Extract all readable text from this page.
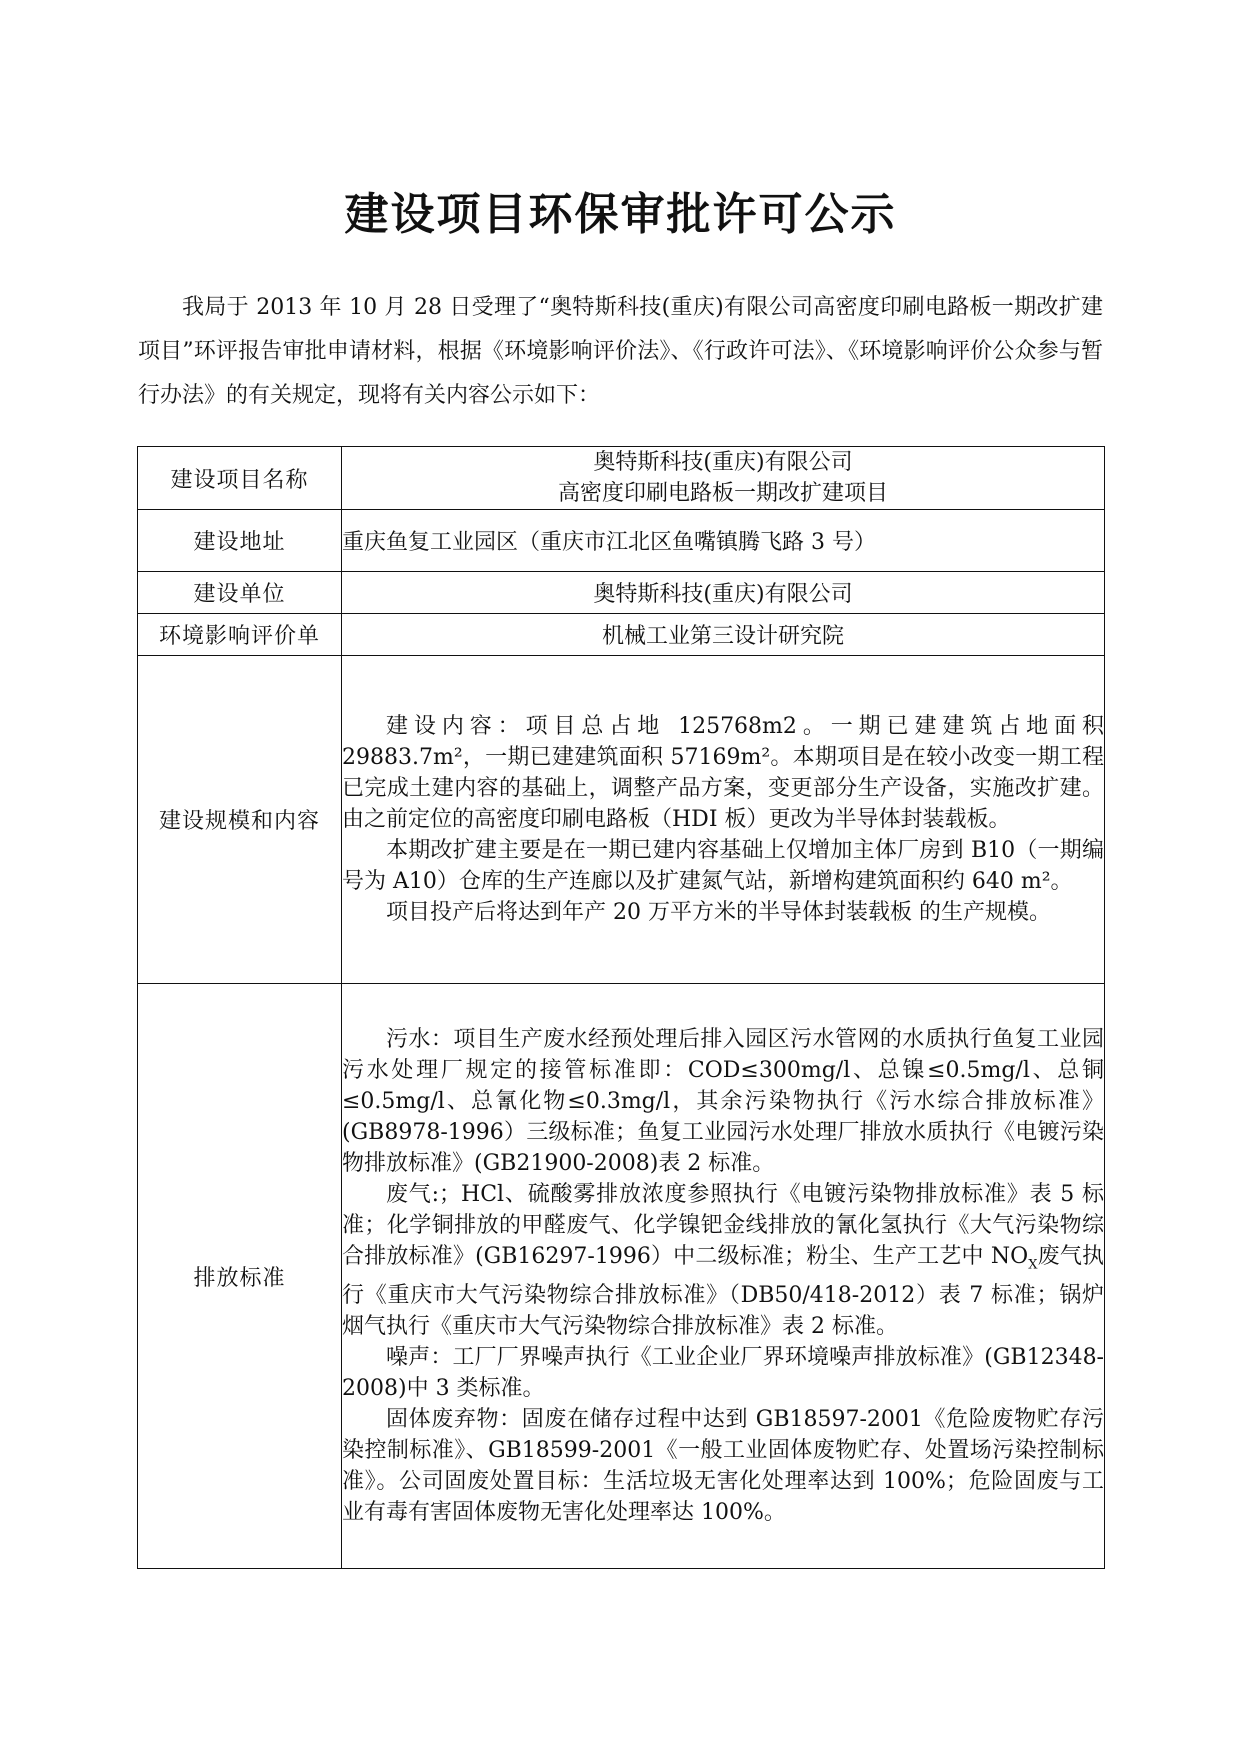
建设项目环保审批许可公示

我局于 2013 年 10 月 28 日受理了“奥特斯科技(重庆)有限公司高密度印刷电路板一期改扩建项目”环评报告审批申请材料，根据《环境影响评价法》、《行政许可法》、《环境影响评价公众参与暂行办法》的有关规定，现将有关内容公示如下：

建设项目名称	奥特斯科技(重庆)有限公司
高密度印刷电路板一期改扩建项目

建设地址	重庆鱼复工业园区（重庆市江北区鱼嘴镇腾飞路 3 号）
建设单位	奥特斯科技(重庆)有限公司
环境影响评价单	机械工业第三设计研究院
建设规模和内容	建设内容：项目总占地 125768m2。一期已建建筑占地面积 29883.7m²，一期已建建筑面积 57169m²。本期项目是在较小改变一期工程已完成土建内容的基础上，调整产品方案，变更部分生产设备，实施改扩建。由之前定位的高密度印刷电路板（HDI 板）更改为半导体封装载板。

本期改扩建主要是在一期已建内容基础上仅增加主体厂房到 B10（一期编号为 A10）仓库的生产连廊以及扩建氮气站，新增构建筑面积约 640 m²。

项目投产后将达到年产 20 万平方米的半导体封装载板 的生产规模。

排放标准	污水：项目生产废水经预处理后排入园区污水管网的水质执行鱼复工业园污水处理厂规定的接管标准即：COD≤300mg/l、总镍≤0.5mg/l、总铜≤0.5mg/l、总氰化物≤0.3mg/l，其余污染物执行《污水综合排放标准》(GB8978-1996）三级标准；鱼复工业园污水处理厂排放水质执行《电镀污染物排放标准》(GB21900-2008)表 2 标准。

废气:；HCl、硫酸雾排放浓度参照执行《电镀污染物排放标准》表 5 标准；化学铜排放的甲醛废气、化学镍钯金线排放的氰化氢执行《大气污染物综合排放标准》(GB16297-1996）中二级标准；粉尘、生产工艺中 $NO_X$废气执行《重庆市大气污染物综合排放标准》（DB50/418-2012）表 7 标准；锅炉烟气执行《重庆市大气污染物综合排放标准》表 2 标准。

噪声：工厂厂界噪声执行《工业企业厂界环境噪声排放标准》(GB12348-2008)中 3 类标准。

固体废弃物：固废在储存过程中达到 GB18597-2001《危险废物贮存污染控制标准》、GB18599-2001《一般工业固体废物贮存、处置场污染控制标准》。公司固废处置目标：生活垃圾无害化处理率达到 100%；危险固废与工业有毒有害固体废物无害化处理率达 100%。
